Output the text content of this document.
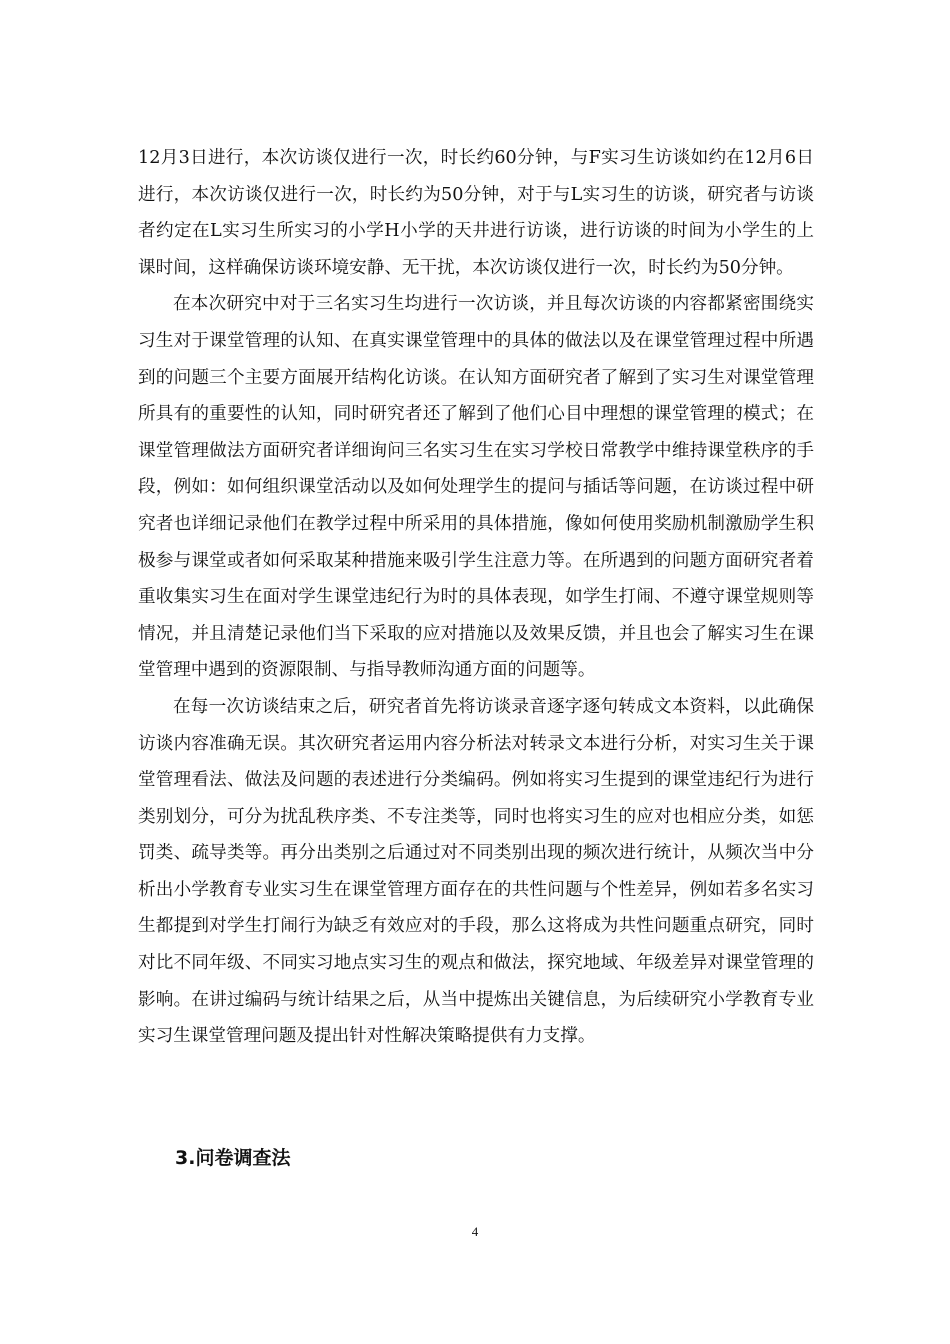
12月3日进行，本次访谈仅进行一次，时长约60分钟，与F实习生访谈如约在12月6日进行，本次访谈仅进行一次，时长约为50分钟，对于与L实习生的访谈，研究者与访谈者约定在L实习生所实习的小学H小学的天井进行访谈，进行访谈的时间为小学生的上课时间，这样确保访谈环境安静、无干扰，本次访谈仅进行一次，时长约为50分钟。

在本次研究中对于三名实习生均进行一次访谈，并且每次访谈的内容都紧密围绕实习生对于课堂管理的认知、在真实课堂管理中的具体的做法以及在课堂管理过程中所遇到的问题三个主要方面展开结构化访谈。在认知方面研究者了解到了实习生对课堂管理所具有的重要性的认知，同时研究者还了解到了他们心目中理想的课堂管理的模式；在课堂管理做法方面研究者详细询问三名实习生在实习学校日常教学中维持课堂秩序的手段，例如：如何组织课堂活动以及如何处理学生的提问与插话等问题，在访谈过程中研究者也详细记录他们在教学过程中所采用的具体措施，像如何使用奖励机制激励学生积极参与课堂或者如何采取某种措施来吸引学生注意力等。在所遇到的问题方面研究者着重收集实习生在面对学生课堂违纪行为时的具体表现，如学生打闹、不遵守课堂规则等情况，并且清楚记录他们当下采取的应对措施以及效果反馈，并且也会了解实习生在课堂管理中遇到的资源限制、与指导教师沟通方面的问题等。

在每一次访谈结束之后，研究者首先将访谈录音逐字逐句转成文本资料，以此确保访谈内容准确无误。其次研究者运用内容分析法对转录文本进行分析，对实习生关于课堂管理看法、做法及问题的表述进行分类编码。例如将实习生提到的课堂违纪行为进行类别划分，可分为扰乱秩序类、不专注类等，同时也将实习生的应对也相应分类，如惩罚类、疏导类等。再分出类别之后通过对不同类别出现的频次进行统计，从频次当中分析出小学教育专业实习生在课堂管理方面存在的共性问题与个性差异，例如若多名实习生都提到对学生打闹行为缺乏有效应对的手段，那么这将成为共性问题重点研究，同时对比不同年级、不同实习地点实习生的观点和做法，探究地域、年级差异对课堂管理的影响。在讲过编码与统计结果之后，从当中提炼出关键信息，为后续研究小学教育专业实习生课堂管理问题及提出针对性解决策略提供有力支撑。

3.问卷调查法
4
